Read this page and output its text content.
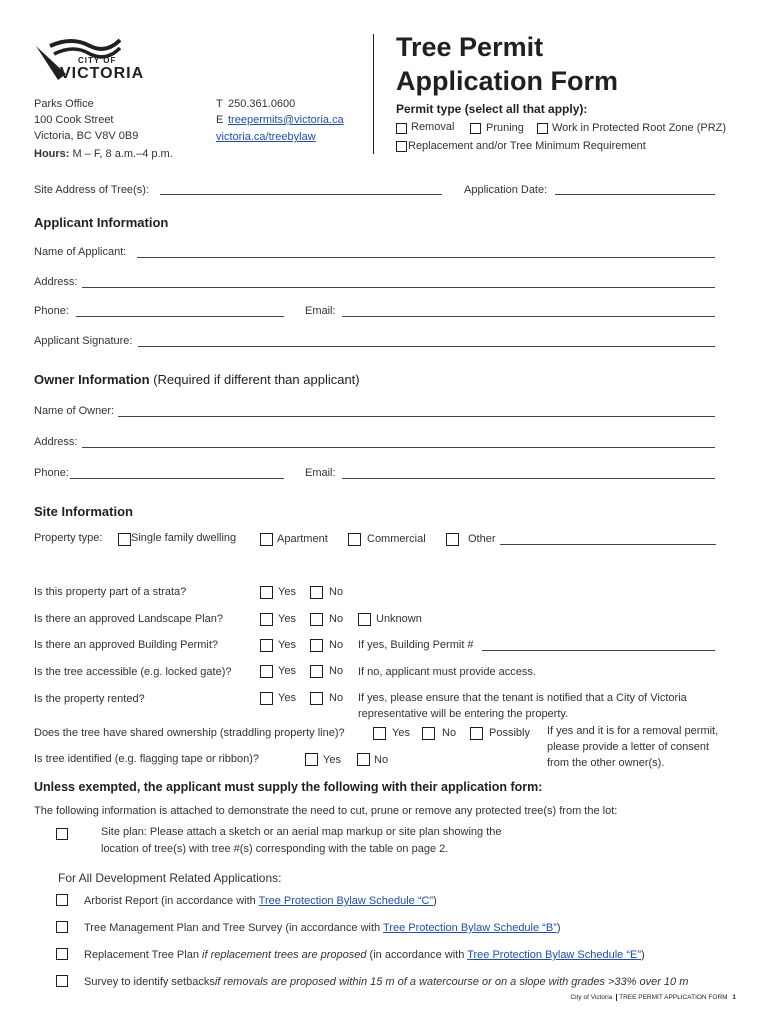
CITY OF
VICTORIA
Parks Office
100 Cook Street
Victoria, BC V8V 0B9
Hours: M – F, 8 a.m.–4 p.m.
T 250.361.0600
E treepermits@victoria.ca
victoria.ca/treebylaw
Tree Permit
Application Form
Permit type (select all that apply):
Removal	Pruning	Work in Protected Root Zone (PRZ)
Replacement and/or Tree Minimum Requirement
Site Address of Tree(s):	Application Date:
Applicant Information
Name of Applicant:
Address:
Phone:	Email:
Applicant Signature:
Owner Information (Required if different than applicant)
Name of Owner:
Address:
Phone:	Email:
Site Information
Property type:	Single family dwelling	Apartment	Commercial	Other
Is this property part of a strata?	Yes	No
Is there an approved Landscape Plan?	Yes	No	Unknown
Is there an approved Building Permit?	Yes	No If yes, Building Permit #
Is the tree accessible (e.g. locked gate)?	Yes	No If no, applicant must provide access.
Is the property rented?	Yes	No If yes, please ensure that the tenant is notified that a City of Victoria
representative will be entering the property.
Does the tree have shared ownership (straddling property line)?	Yes	No	Possibly If yes and it is for a removal permit,
please provide a letter of consent
from the other owner(s).
Is tree identified (e.g. flagging tape or ribbon)?	Yes	No
Unless exempted, the applicant must supply the following with their application form:
The following information is attached to demonstrate the need to cut, prune or remove any protected tree(s) from the lot:
Site plan: Please attach a sketch or an aerial map markup or site plan showing the
location of tree(s) with tree #(s) corresponding with the table on page 2.
For All Development Related Applications:
Arborist Report (in accordance with Tree Protection Bylaw Schedule “C”)
Tree Management Plan and Tree Survey (in accordance with Tree Protection Bylaw Schedule “B”)
Replacement Tree Plan if replacement trees are proposed (in accordance with Tree Protection Bylaw Schedule “E”)
Survey to identify setbacksif removals are proposed within 15 m of a watercourse or on a slope with grades >33% over 10 m
City of Victoria TREE PERMIT APPLICATION FORM 1
